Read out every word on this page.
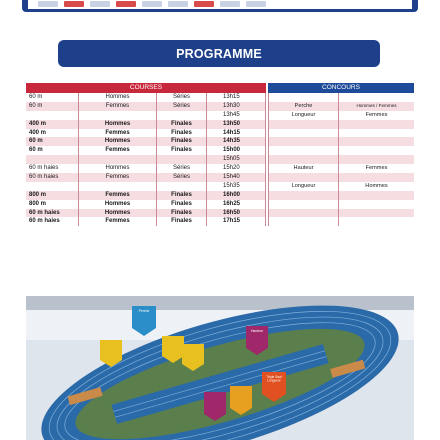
PROGRAMME
COURSES
60 m	Hommes	Séries	13h15
60 m	Femmes	Séries	13h30
13h45
400 m	Hommes	Finales	13h50
400 m	Femmes	Finales	14h15
60 m	Hommes	Finales	14h35
60 m	Femmes	Finales	15h00
15h05
60 m haies	Hommes	Séries	15h20
60 m haies	Femmes	Séries	15h40
15h35
800 m	Femmes	Finales	16h00
800 m	Hommes	Finales	16h25
60 m haies	Hommes	Finales	16h50
60 m haies	Femmes	Finales	17h15
CONCOURS
Perche	Hommes / Femmes
Longueur	Femmes
Hauteur	Femmes
Longueur	Hommes
Hauteur
Perche
Triple Saut Longueur
